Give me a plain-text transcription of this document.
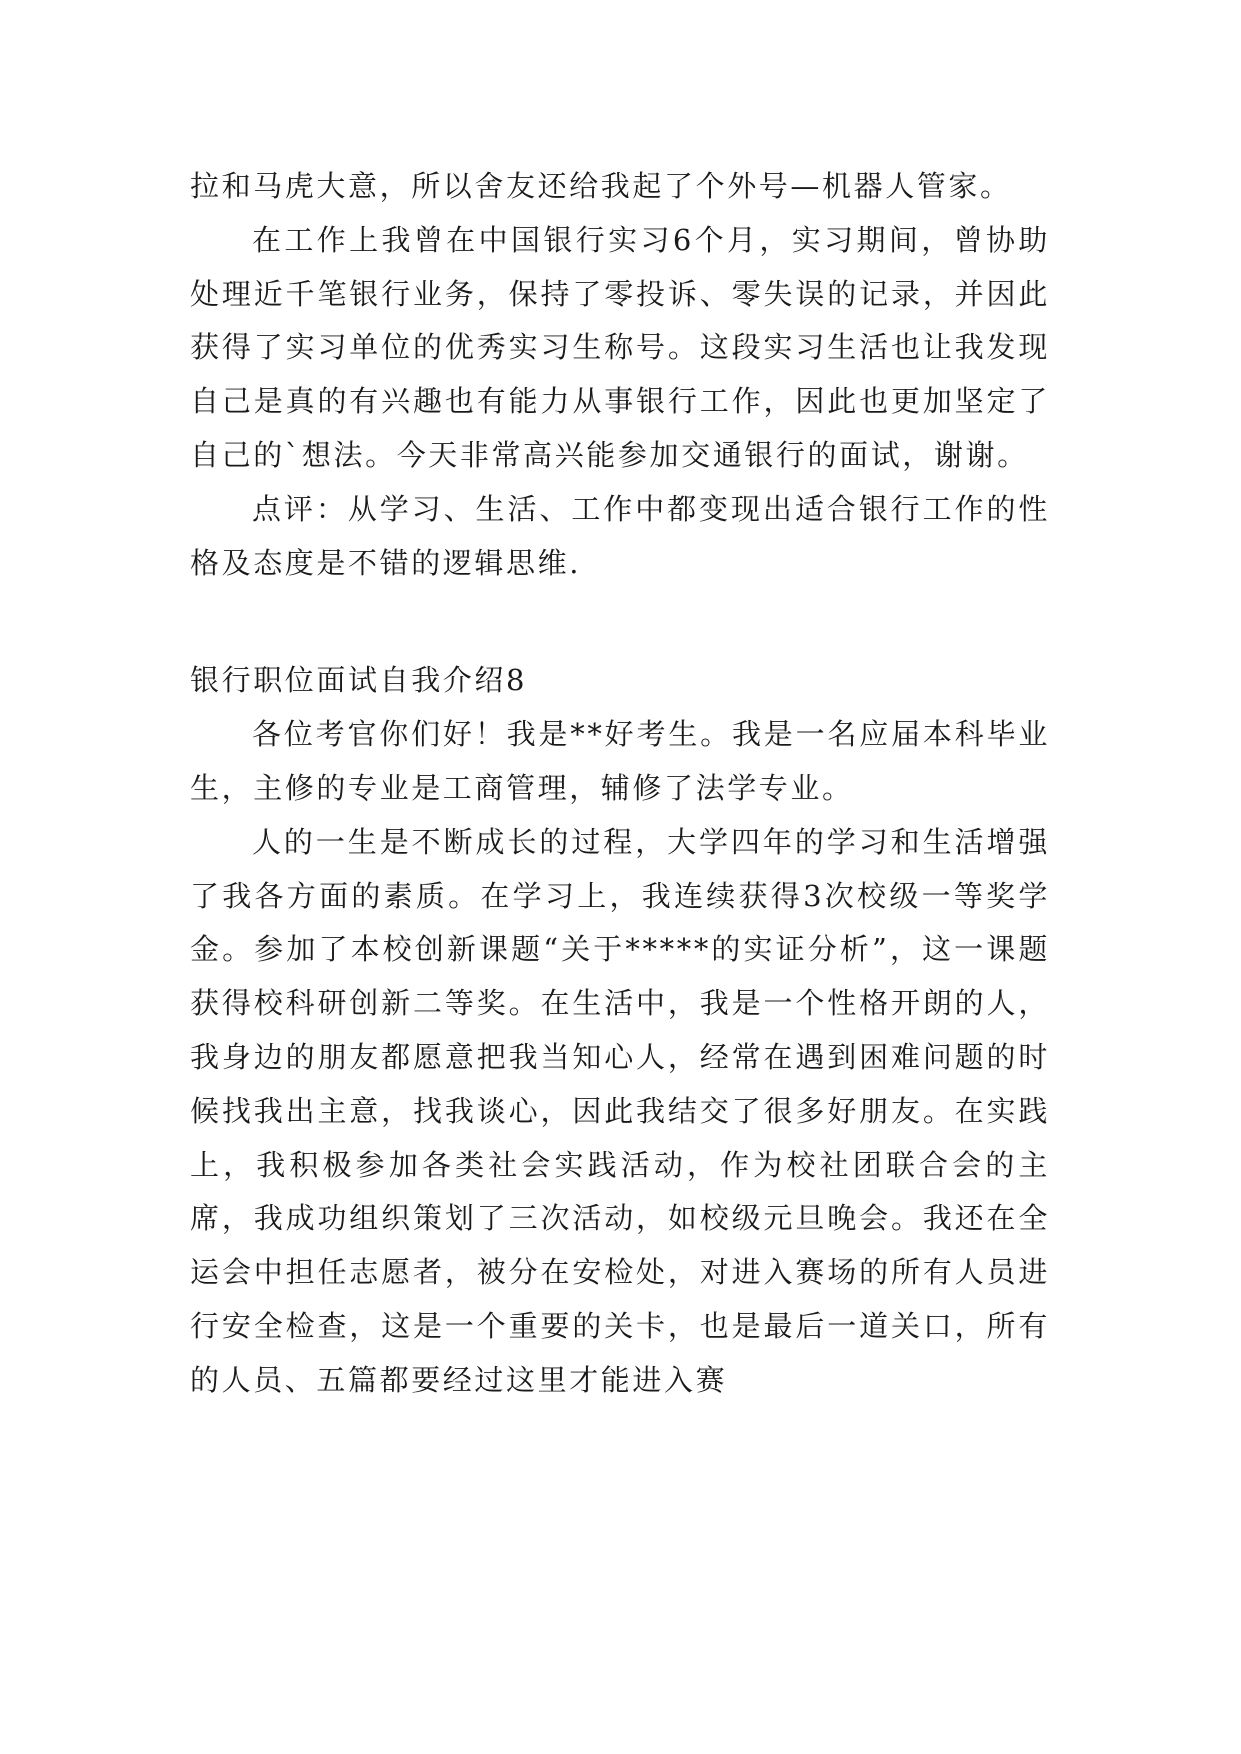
拉和马虎大意，所以舍友还给我起了个外号—机器人管家。

在工作上我曾在中国银行实习6个月，实习期间，曾协助处理近千笔银行业务，保持了零投诉、零失误的记录，并因此获得了实习单位的优秀实习生称号。这段实习生活也让我发现自己是真的有兴趣也有能力从事银行工作，因此也更加坚定了自己的`想法。今天非常高兴能参加交通银行的面试，谢谢。

点评：从学习、生活、工作中都变现出适合银行工作的性格及态度是不错的逻辑思维.

银行职位面试自我介绍8

各位考官你们好！我是**好考生。我是一名应届本科毕业生，主修的专业是工商管理，辅修了法学专业。

人的一生是不断成长的过程，大学四年的学习和生活增强了我各方面的素质。在学习上，我连续获得3次校级一等奖学金。参加了本校创新课题“关于*****的实证分析”，这一课题获得校科研创新二等奖。在生活中，我是一个性格开朗的人，我身边的朋友都愿意把我当知心人，经常在遇到困难问题的时候找我出主意，找我谈心，因此我结交了很多好朋友。在实践上，我积极参加各类社会实践活动，作为校社团联合会的主席，我成功组织策划了三次活动，如校级元旦晚会。我还在全运会中担任志愿者，被分在安检处，对进入赛场的所有人员进行安全检查，这是一个重要的关卡，也是最后一道关口，所有的人员、五篇都要经过这里才能进入赛
